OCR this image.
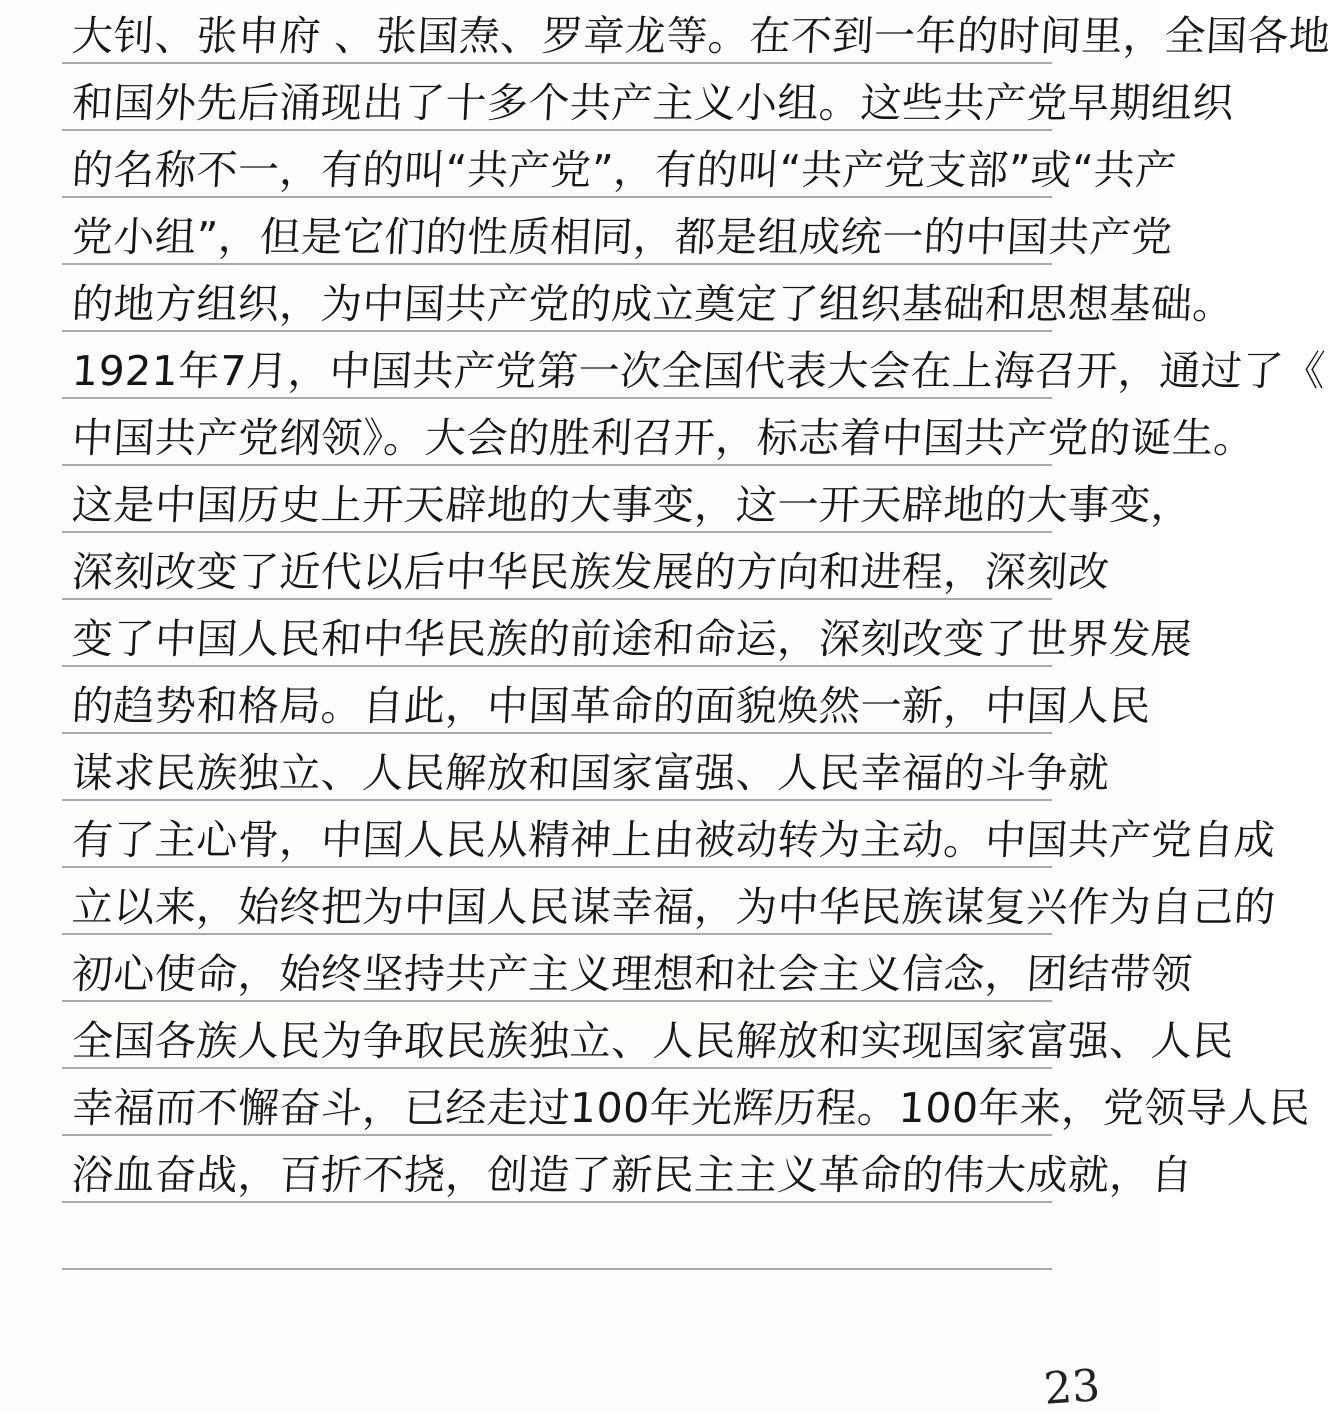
大钊、张申府 、张国焘、罗章龙等。在不到一年的时间里，全国各地
和国外先后涌现出了十多个共产主义小组。这些共产党早期组织
的名称不一，有的叫“共产党”，有的叫“共产党支部”或“共产
党小组”，但是它们的性质相同，都是组成统一的中国共产党
的地方组织，为中国共产党的成立奠定了组织基础和思想基础。
1921年7月，中国共产党第一次全国代表大会在上海召开，通过了《
中国共产党纲领》。大会的胜利召开，标志着中国共产党的诞生。
这是中国历史上开天辟地的大事变，这一开天辟地的大事变，
深刻改变了近代以后中华民族发展的方向和进程，深刻改
变了中国人民和中华民族的前途和命运，深刻改变了世界发展
的趋势和格局。自此，中国革命的面貌焕然一新，中国人民
谋求民族独立、人民解放和国家富强、人民幸福的斗争就
有了主心骨，中国人民从精神上由被动转为主动。中国共产党自成
立以来，始终把为中国人民谋幸福，为中华民族谋复兴作为自己的
初心使命，始终坚持共产主义理想和社会主义信念，团结带领
全国各族人民为争取民族独立、人民解放和实现国家富强、人民
幸福而不懈奋斗，已经走过100年光辉历程。100年来，党领导人民
浴血奋战，百折不挠，创造了新民主主义革命的伟大成就，自
23
